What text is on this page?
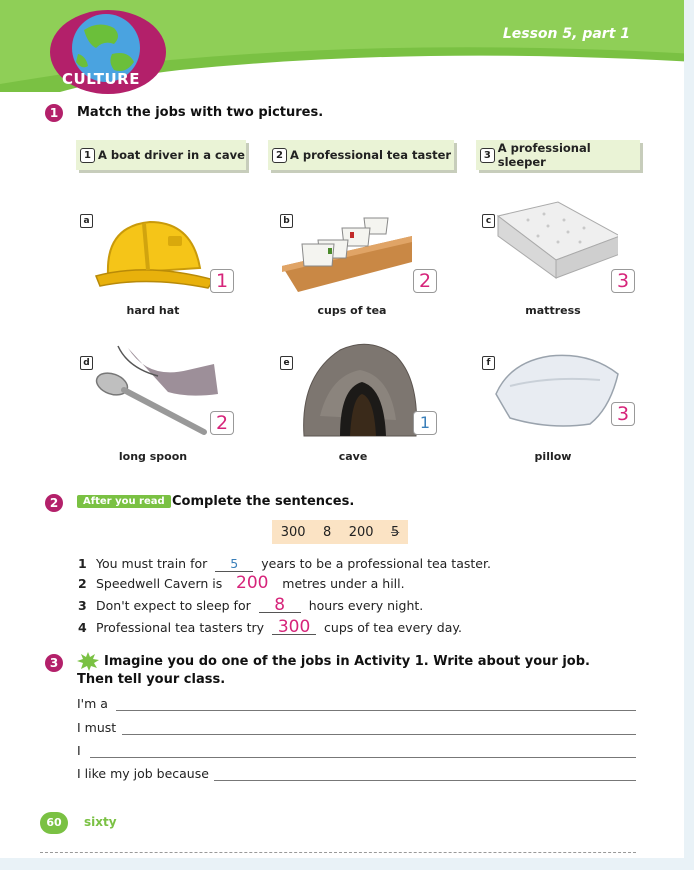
Lesson 5, part 1
CULTURE
1	Match the jobs with two pictures.
1 A boat driver in a cave	2 A professional tea taster	3 A professional sleeper
a
1
hard hat
b
2
cups of tea
c
3
mattress
d
2
long spoon
e
1
cave
f
3
pillow
2	After you read Complete the sentences.
300 8 200 5
1 You must train for 5 years to be a professional tea taster.
2 Speedwell Cavern is 200 metres under a hill.
3 Don't expect to sleep for 8 hours every night.
4 Professional tea tasters try 300 cups of tea every day.
3	Imagine you do one of the jobs in Activity 1. Write about your job.
Then tell your class.
I'm a
I must
I
I like my job because
60	sixty
